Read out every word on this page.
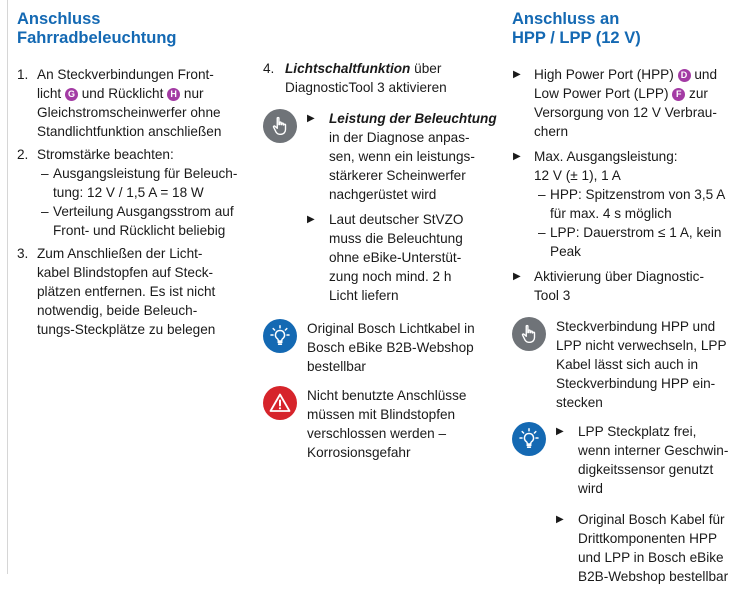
Anschluss
Fahrradbeleuchtung
1. An Steckverbindungen Front-
licht G und Rücklicht H nur
Gleichstromscheinwerfer ohne
Standlichtfunktion anschließen
2. Stromstärke beachten:
– Ausgangsleistung für Beleuch-
tung: 12 V / 1,5 A = 18 W
– Verteilung Ausgangsstrom auf
Front- und Rücklicht beliebig
3. Zum Anschließen der Licht-
kabel Blindstopfen auf Steck-
plätzen entfernen. Es ist nicht
notwendig, beide Beleuch-
tungs-Steckplätze zu belegen
4. Lichtschaltfunktion über
DiagnosticTool 3 aktivieren
▶ Leistung der Beleuchtung
in der Diagnose anpas-
sen, wenn ein leistungs-
stärkerer Scheinwerfer
nachgerüstet wird
▶ Laut deutscher StVZO
muss die Beleuchtung
ohne eBike-Unterstüt-
zung noch mind. 2 h
Licht liefern
Original Bosch Lichtkabel in
Bosch eBike B2B-Webshop
bestellbar
Nicht benutzte Anschlüsse
müssen mit Blindstopfen
verschlossen werden –
Korrosionsgefahr
Anschluss an
HPP / LPP (12 V)
▶ High Power Port (HPP) D und
Low Power Port (LPP) F zur
Versorgung von 12 V Verbrau-
chern
▶ Max. Ausgangsleistung:
12 V (± 1), 1 A
– HPP: Spitzenstrom von 3,5 A
für max. 4 s möglich
– LPP: Dauerstrom ≤ 1 A, kein
Peak
▶ Aktivierung über Diagnostic-
Tool 3
Steckverbindung HPP und
LPP nicht verwechseln, LPP
Kabel lässt sich auch in
Steckverbindung HPP ein-
stecken
▶ LPP Steckplatz frei,
wenn interner Geschwin-
digkeitssensor genutzt
wird
▶ Original Bosch Kabel für
Drittkomponenten HPP
und LPP in Bosch eBike
B2B-Webshop bestellbar
